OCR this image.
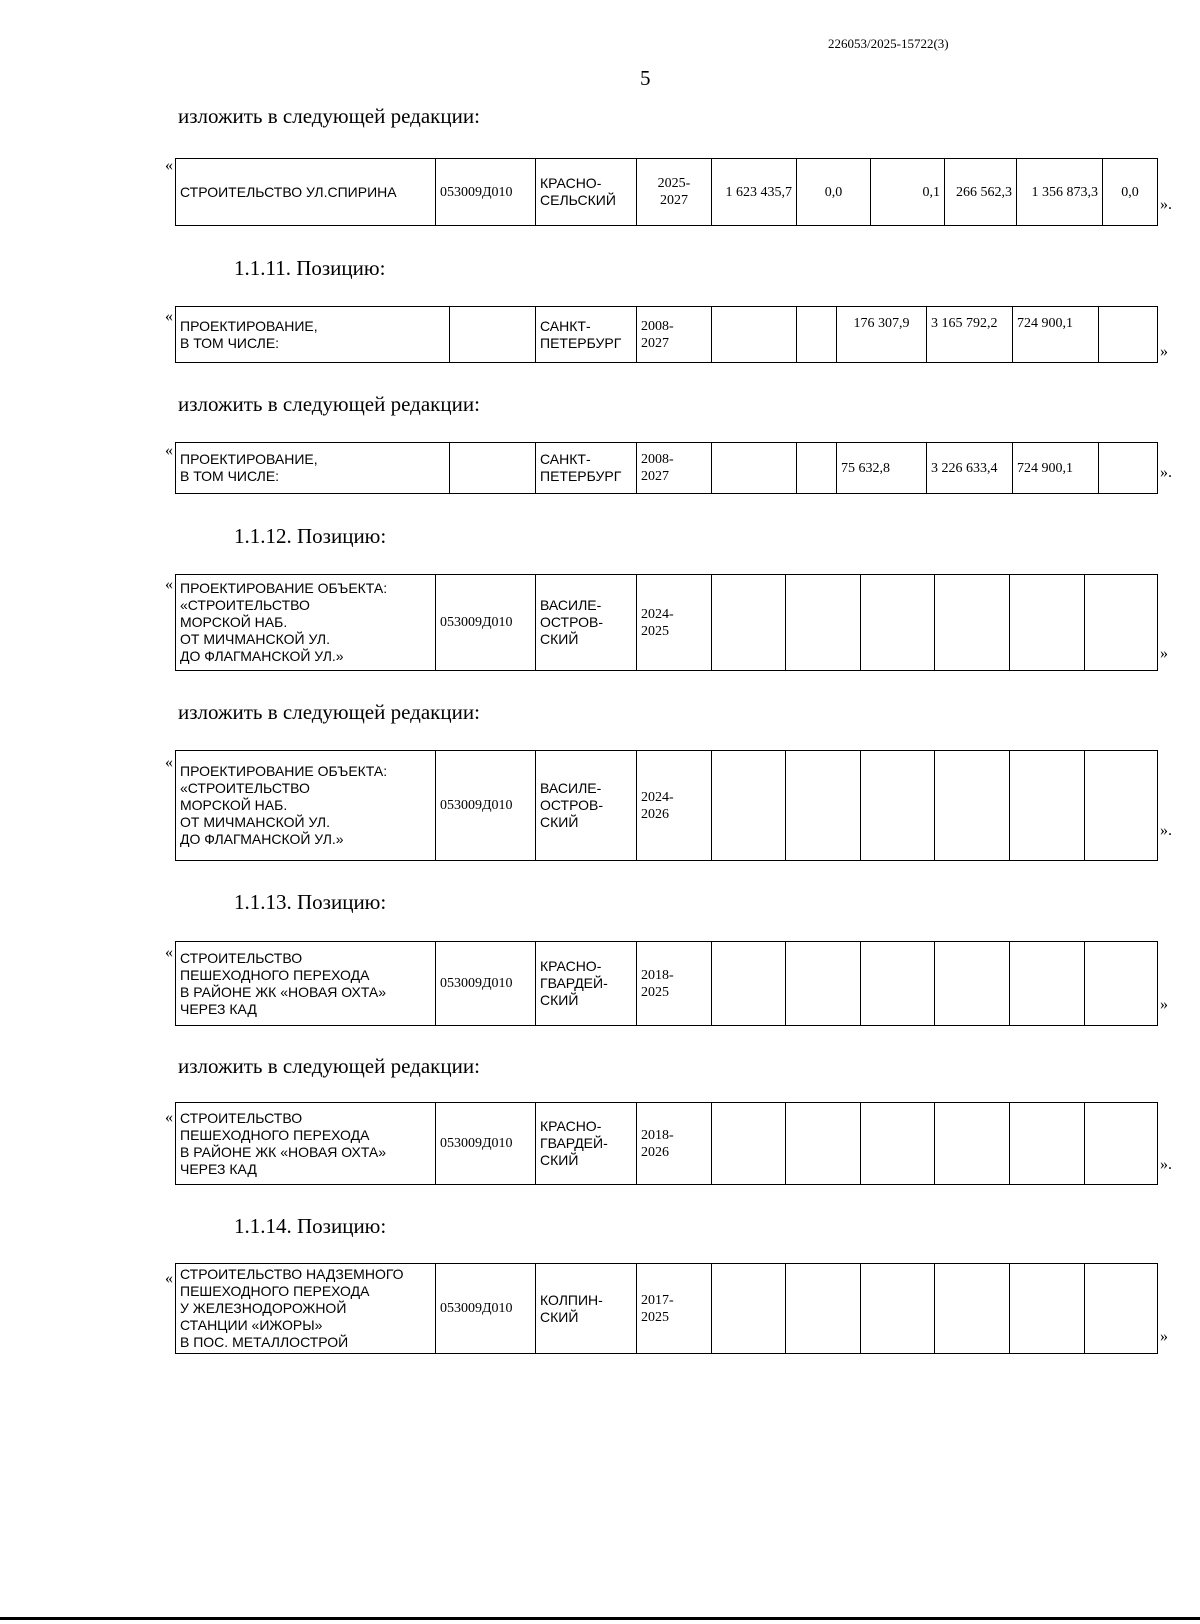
226053/2025-15722(3)
5
изложить в следующей редакции:
«
СТРОИТЕЛЬСТВО УЛ.СПИРИНА	053009Д010	КРАСНО-
СЕЛЬСКИЙ	2025-
2027	1 623 435,7	0,0	0,1	266 562,3	1 356 873,3	0,0
».
1.1.11. Позицию:
«
ПРОЕКТИРОВАНИЕ,
В ТОМ ЧИСЛЕ:		САНКТ-
ПЕТЕРБУРГ	2008-
2027			176 307,9	3 165 792,2	724 900,1	
»
изложить в следующей редакции:
« ПРОЕКТИРОВАНИЕ,
В ТОМ ЧИСЛЕ:		САНКТ-
ПЕТЕРБУРГ	2008-
2027			75 632,8	3 226 633,4	724 900,1		».
1.1.12. Позицию:
« ПРОЕКТИРОВАНИЕ ОБЪЕКТА:
«СТРОИТЕЛЬСТВО
МОРСКОЙ НАБ.
ОТ МИЧМАНСКОЙ УЛ.
ДО ФЛАГМАНСКОЙ УЛ.»	053009Д010	ВАСИЛЕ-
ОСТРОВ-
СКИЙ	2024-
2025						
»
изложить в следующей редакции:
« ПРОЕКТИРОВАНИЕ ОБЪЕКТА:
«СТРОИТЕЛЬСТВО
МОРСКОЙ НАБ.
ОТ МИЧМАНСКОЙ УЛ.
ДО ФЛАГМАНСКОЙ УЛ.»	053009Д010	ВАСИЛЕ-
ОСТРОВ-
СКИЙ	2024-
2026						
».
1.1.13. Позицию:
« СТРОИТЕЛЬСТВО
ПЕШЕХОДНОГО ПЕРЕХОДА
В РАЙОНЕ ЖК «НОВАЯ ОХТА»
ЧЕРЕЗ КАД	053009Д010	КРАСНО-
ГВАРДЕЙ-
СКИЙ	2018-
2025						
»
изложить в следующей редакции:
« СТРОИТЕЛЬСТВО
ПЕШЕХОДНОГО ПЕРЕХОДА
В РАЙОНЕ ЖК «НОВАЯ ОХТА»
ЧЕРЕЗ КАД	053009Д010	КРАСНО-
ГВАРДЕЙ-
СКИЙ	2018-
2026						
».
1.1.14. Позицию:
« СТРОИТЕЛЬСТВО НАДЗЕМНОГО
ПЕШЕХОДНОГО ПЕРЕХОДА
У ЖЕЛЕЗНОДОРОЖНОЙ
СТАНЦИИ «ИЖОРЫ»
В ПОС. МЕТАЛЛОСТРОЙ	053009Д010	КОЛПИН-
СКИЙ	2017-
2025						
»
